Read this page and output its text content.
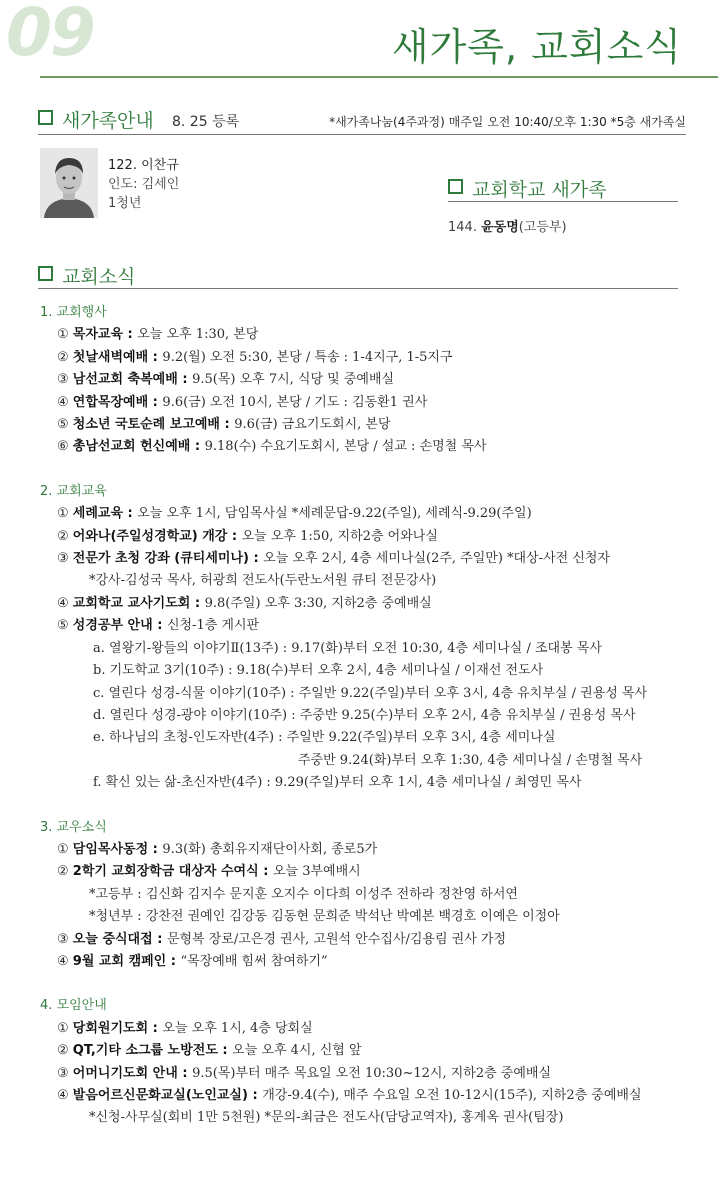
09	새가족, 교회소식
새가족안내 8. 25 등록	*새가족나눔(4주과정) 매주일 오전 10:40/오후 1:30 *5층 새가족실
122. 이찬규
인도: 김세인
1청년
교회학교 새가족
144. 윤동명(고등부)
교회소식
1. 교회행사
① 목자교육 : 오늘 오후 1:30, 본당
② 첫날새벽예배 : 9.2(월) 오전 5:30, 본당 / 특송 : 1-4지구, 1-5지구
③ 남선교회 축복예배 : 9.5(목) 오후 7시, 식당 및 중예배실
④ 연합목장예배 : 9.6(금) 오전 10시, 본당 / 기도 : 김동환1 권사
⑤ 청소년 국토순례 보고예배 : 9.6(금) 금요기도회시, 본당
⑥ 총남선교회 헌신예배 : 9.18(수) 수요기도회시, 본당 / 설교 : 손명철 목사
2. 교회교육
① 세례교육 : 오늘 오후 1시, 담임목사실 *세례문답-9.22(주일), 세례식-9.29(주일)
② 어와나(주일성경학교) 개강 : 오늘 오후 1:50, 지하2층 어와나실
③ 전문가 초청 강좌 (큐티세미나) : 오늘 오후 2시, 4층 세미나실(2주, 주일만) *대상-사전 신청자
*강사-김성국 목사, 허광희 전도사(두란노서원 큐티 전문강사)
④ 교회학교 교사기도회 : 9.8(주일) 오후 3:30, 지하2층 중예배실
⑤ 성경공부 안내 : 신청-1층 게시판
a. 열왕기-왕들의 이야기Ⅱ(13주) : 9.17(화)부터 오전 10:30, 4층 세미나실 / 조대봉 목사
b. 기도학교 3기(10주) : 9.18(수)부터 오후 2시, 4층 세미나실 / 이재선 전도사
c. 열린다 성경-식물 이야기(10주) : 주일반 9.22(주일)부터 오후 3시, 4층 유치부실 / 권용성 목사
d. 열린다 성경-광야 이야기(10주) : 주중반 9.25(수)부터 오후 2시, 4층 유치부실 / 권용성 목사
e. 하나님의 초청-인도자반(4주) : 주일반 9.22(주일)부터 오후 3시, 4층 세미나실
주중반 9.24(화)부터 오후 1:30, 4층 세미나실 / 손명철 목사
f. 확신 있는 삶-초신자반(4주) : 9.29(주일)부터 오후 1시, 4층 세미나실 / 최영민 목사
3. 교우소식
① 담임목사동정 : 9.3(화) 총회유지재단이사회, 종로5가
② 2학기 교회장학금 대상자 수여식 : 오늘 3부예배시
*고등부 : 김신화 김지수 문지훈 오지수 이다희 이성주 전하라 정찬영 하서연
*청년부 : 강찬전 권예인 김강동 김동현 문희준 박석난 박예본 백경호 이예은 이정아
③ 오늘 중식대접 : 문형복 장로/고은경 권사, 고원석 안수집사/김용림 권사 가정
④ 9월 교회 캠페인 : “목장예배 힘써 참여하기”
4. 모임안내
① 당회원기도회 : 오늘 오후 1시, 4층 당회실
② QT,기타 소그룹 노방전도 : 오늘 오후 4시, 신협 앞
③ 어머니기도회 안내 : 9.5(목)부터 매주 목요일 오전 10:30~12시, 지하2층 중예배실
④ 발음어르신문화교실(노인교실) : 개강-9.4(수), 매주 수요일 오전 10-12시(15주), 지하2층 중예배실
*신청-사무실(회비 1만 5천원) *문의-최금은 전도사(담당교역자), 홍계옥 권사(팀장)
